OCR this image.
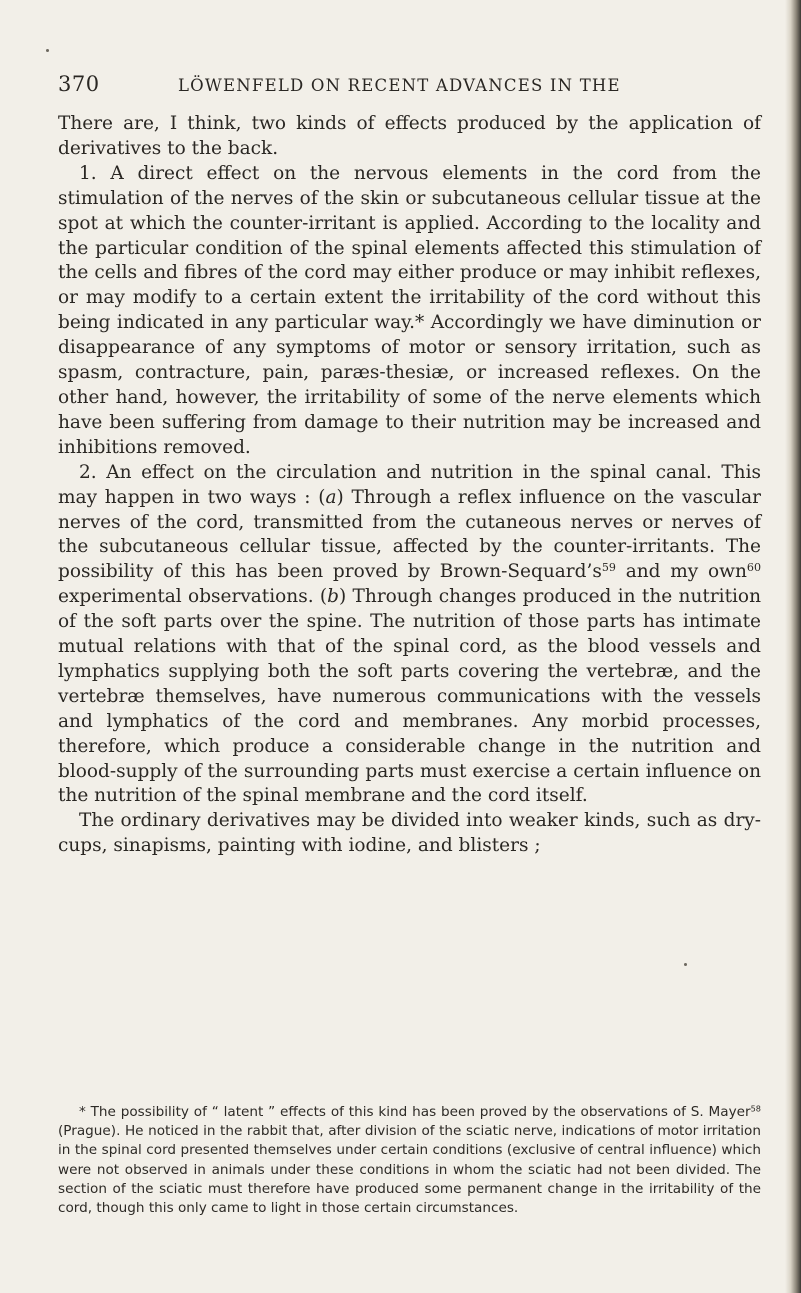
370	LÖWENFELD ON RECENT ADVANCES IN THE

There are, I think, two kinds of effects produced by the application of derivatives to the back.

1. A direct effect on the nervous elements in the cord from the stimulation of the nerves of the skin or subcutaneous cellular tissue at the spot at which the counter-irritant is applied. According to the locality and the particular condition of the spinal elements affected this stimulation of the cells and fibres of the cord may either produce or may inhibit reflexes, or may modify to a certain extent the irritability of the cord without this being indicated in any particular way.* Accordingly we have diminution or disappearance of any symptoms of motor or sensory irritation, such as spasm, contracture, pain, paræs-thesiæ, or increased reflexes. On the other hand, however, the irritability of some of the nerve elements which have been suffering from damage to their nutrition may be increased and inhibitions removed.

2. An effect on the circulation and nutrition in the spinal canal. This may happen in two ways : (a) Through a reflex influence on the vascular nerves of the cord, transmitted from the cutaneous nerves or nerves of the subcutaneous cellular tissue, affected by the counter-irritants. The possibility of this has been proved by Brown-$Sequard’s^{59}$ and my own$^{60}$ experimental observations. (b) Through changes produced in the nutrition of the soft parts over the spine. The nutrition of those parts has intimate mutual relations with that of the spinal cord, as the blood vessels and lymphatics supplying both the soft parts covering the vertebræ, and the vertebræ themselves, have numerous communications with the vessels and lymphatics of the cord and membranes. Any morbid processes, therefore, which produce a considerable change in the nutrition and blood-supply of the surrounding parts must exercise a certain influence on the nutrition of the spinal membrane and the cord itself.

The ordinary derivatives may be divided into weaker kinds, such as dry-cups, sinapisms, painting with iodine, and blisters ;

* The possibility of “ latent ” effects of this kind has been proved by the observations of S. Mayer$^{58}$ (Prague). He noticed in the rabbit that, after division of the sciatic nerve, indications of motor irritation in the spinal cord presented themselves under certain conditions (exclusive of central influence) which were not observed in animals under these conditions in whom the sciatic had not been divided. The section of the sciatic must therefore have produced some permanent change in the irritability of the cord, though this only came to light in those certain circumstances.
